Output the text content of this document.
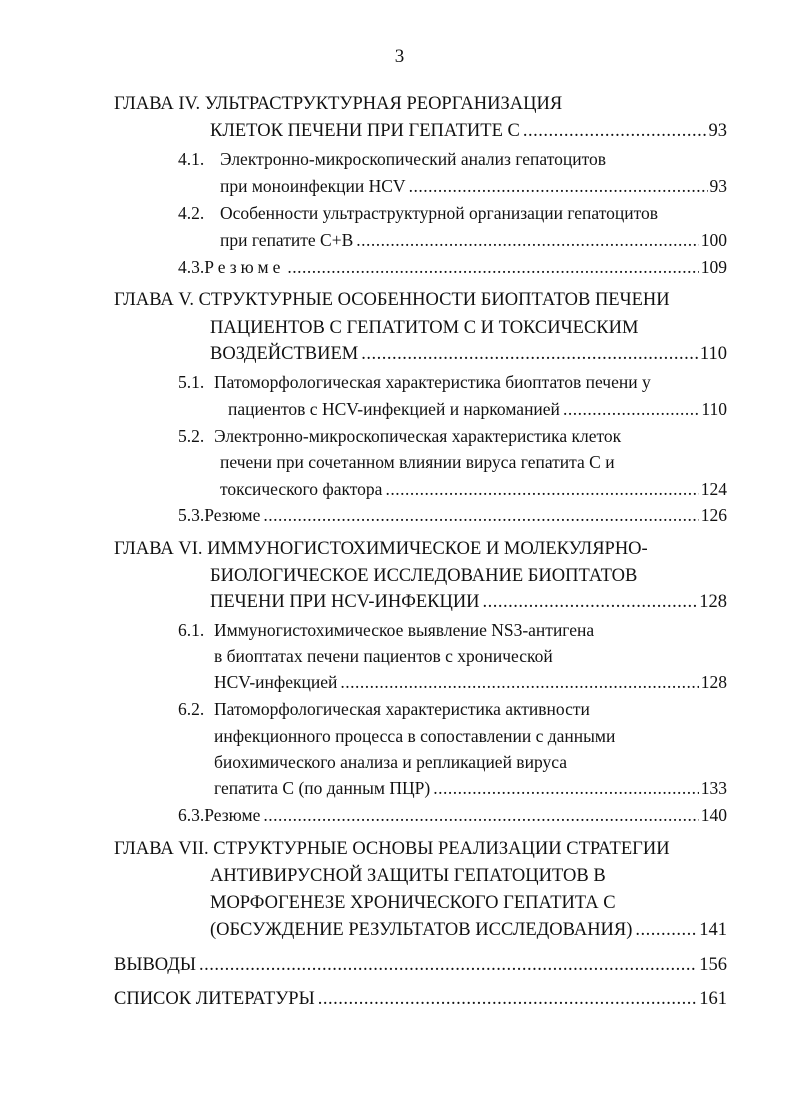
3
ГЛАВА IV. УЛЬТРАСТРУКТУРНАЯ РЕОРГАНИЗАЦИЯ
КЛЕТОК ПЕЧЕНИ ПРИ ГЕПАТИТЕ С .....	93
4.1. Электронно-микроскопический анализ гепатоцитов
при моноинфекции HCV .....	93
4.2. Особенности ультраструктурной организации гепатоцитов
при гепатите С+В .....	100
4.3. Резюме .....	109
ГЛАВА V. СТРУКТУРНЫЕ ОСОБЕННОСТИ БИОПТАТОВ ПЕЧЕНИ
ПАЦИЕНТОВ С ГЕПАТИТОМ С И ТОКСИЧЕСКИМ
ВОЗДЕЙСТВИЕМ .....	110
5.1. Патоморфологическая характеристика биоптатов печени у
пациентов с HCV-инфекцией и наркоманией .....	110
5.2. Электронно-микроскопическая характеристика клеток
печени при сочетанном влиянии вируса гепатита С и
токсического фактора .....	124
5.3. Резюме .....	126
ГЛАВА VI. ИММУНОГИСТОХИМИЧЕСКОЕ И МОЛЕКУЛЯРНО-
БИОЛОГИЧЕСКОЕ ИССЛЕДОВАНИЕ БИОПТАТОВ
ПЕЧЕНИ ПРИ HCV-ИНФЕКЦИИ .....	128
6.1. Иммуногистохимическое выявление NS3-антигена
в биоптатах печени пациентов с хронической
HCV-инфекцией .....	128
6.2. Патоморфологическая характеристика активности
инфекционного процесса в сопоставлении с данными
биохимического анализа и репликацией вируса
гепатита С (по данным ПЦР) .....	133
6.3. Резюме .....	140
ГЛАВА VII. СТРУКТУРНЫЕ ОСНОВЫ РЕАЛИЗАЦИИ СТРАТЕГИИ
АНТИВИРУСНОЙ ЗАЩИТЫ ГЕПАТОЦИТОВ В
МОРФОГЕНЕЗЕ ХРОНИЧЕСКОГО ГЕПАТИТА С
(ОБСУЖДЕНИЕ РЕЗУЛЬТАТОВ ИССЛЕДОВАНИЯ) .....	141
ВЫВОДЫ .....	156
СПИСОК ЛИТЕРАТУРЫ .....	161
